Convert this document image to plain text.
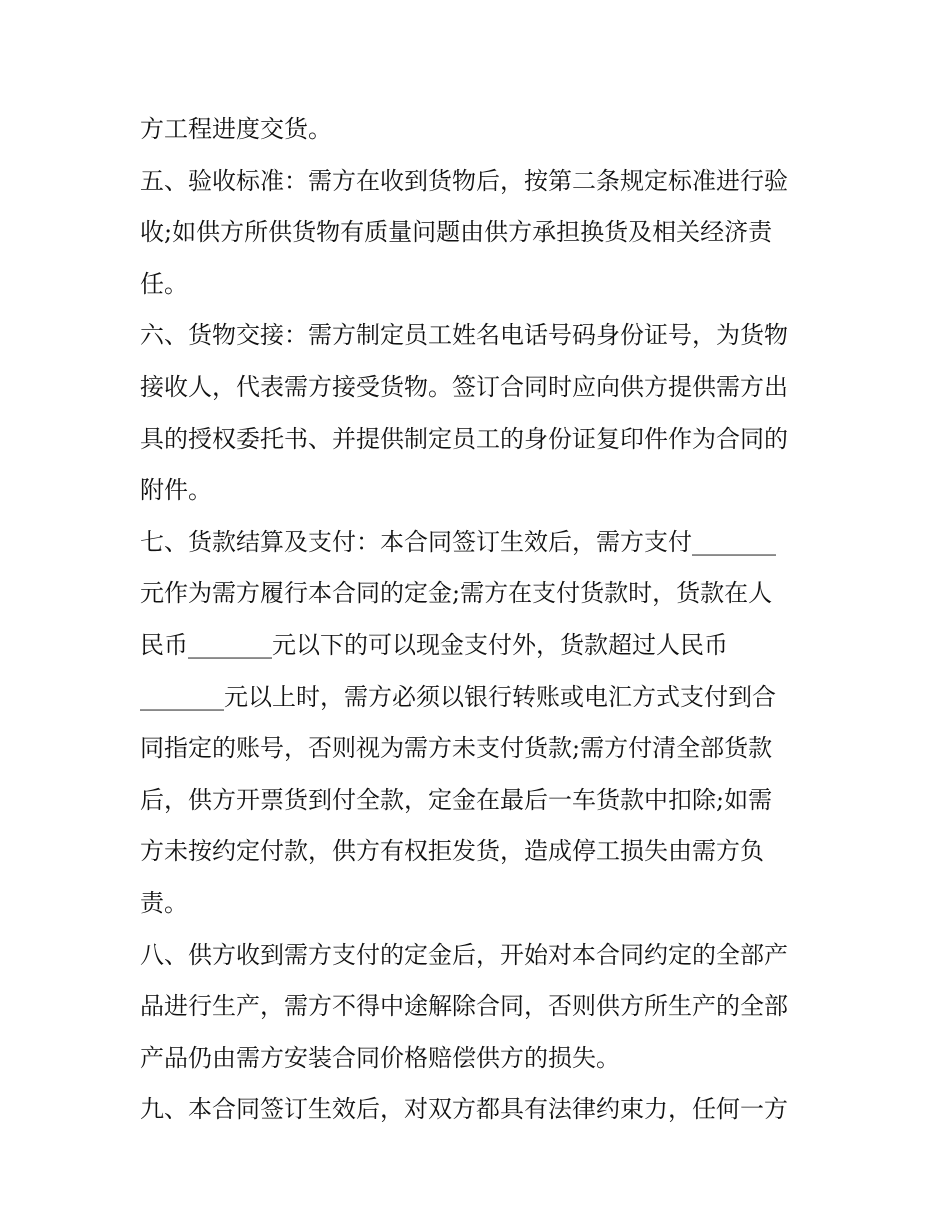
方工程进度交货。
五、验收标准：需方在收到货物后，按第二条规定标准进行验
收;如供方所供货物有质量问题由供方承担换货及相关经济责
任。
六、货物交接：需方制定员工姓名电话号码身份证号，为货物
接收人，代表需方接受货物。签订合同时应向供方提供需方出
具的授权委托书、并提供制定员工的身份证复印件作为合同的
附件。
七、货款结算及支付：本合同签订生效后，需方支付_______
元作为需方履行本合同的定金;需方在支付货款时，货款在人
民币_______元以下的可以现金支付外，货款超过人民币
_______元以上时，需方必须以银行转账或电汇方式支付到合
同指定的账号，否则视为需方未支付货款;需方付清全部货款
后，供方开票货到付全款，定金在最后一车货款中扣除;如需
方未按约定付款，供方有权拒发货，造成停工损失由需方负
责。
八、供方收到需方支付的定金后，开始对本合同约定的全部产
品进行生产，需方不得中途解除合同，否则供方所生产的全部
产品仍由需方安装合同价格赔偿供方的损失。
九、本合同签订生效后，对双方都具有法律约束力，任何一方
